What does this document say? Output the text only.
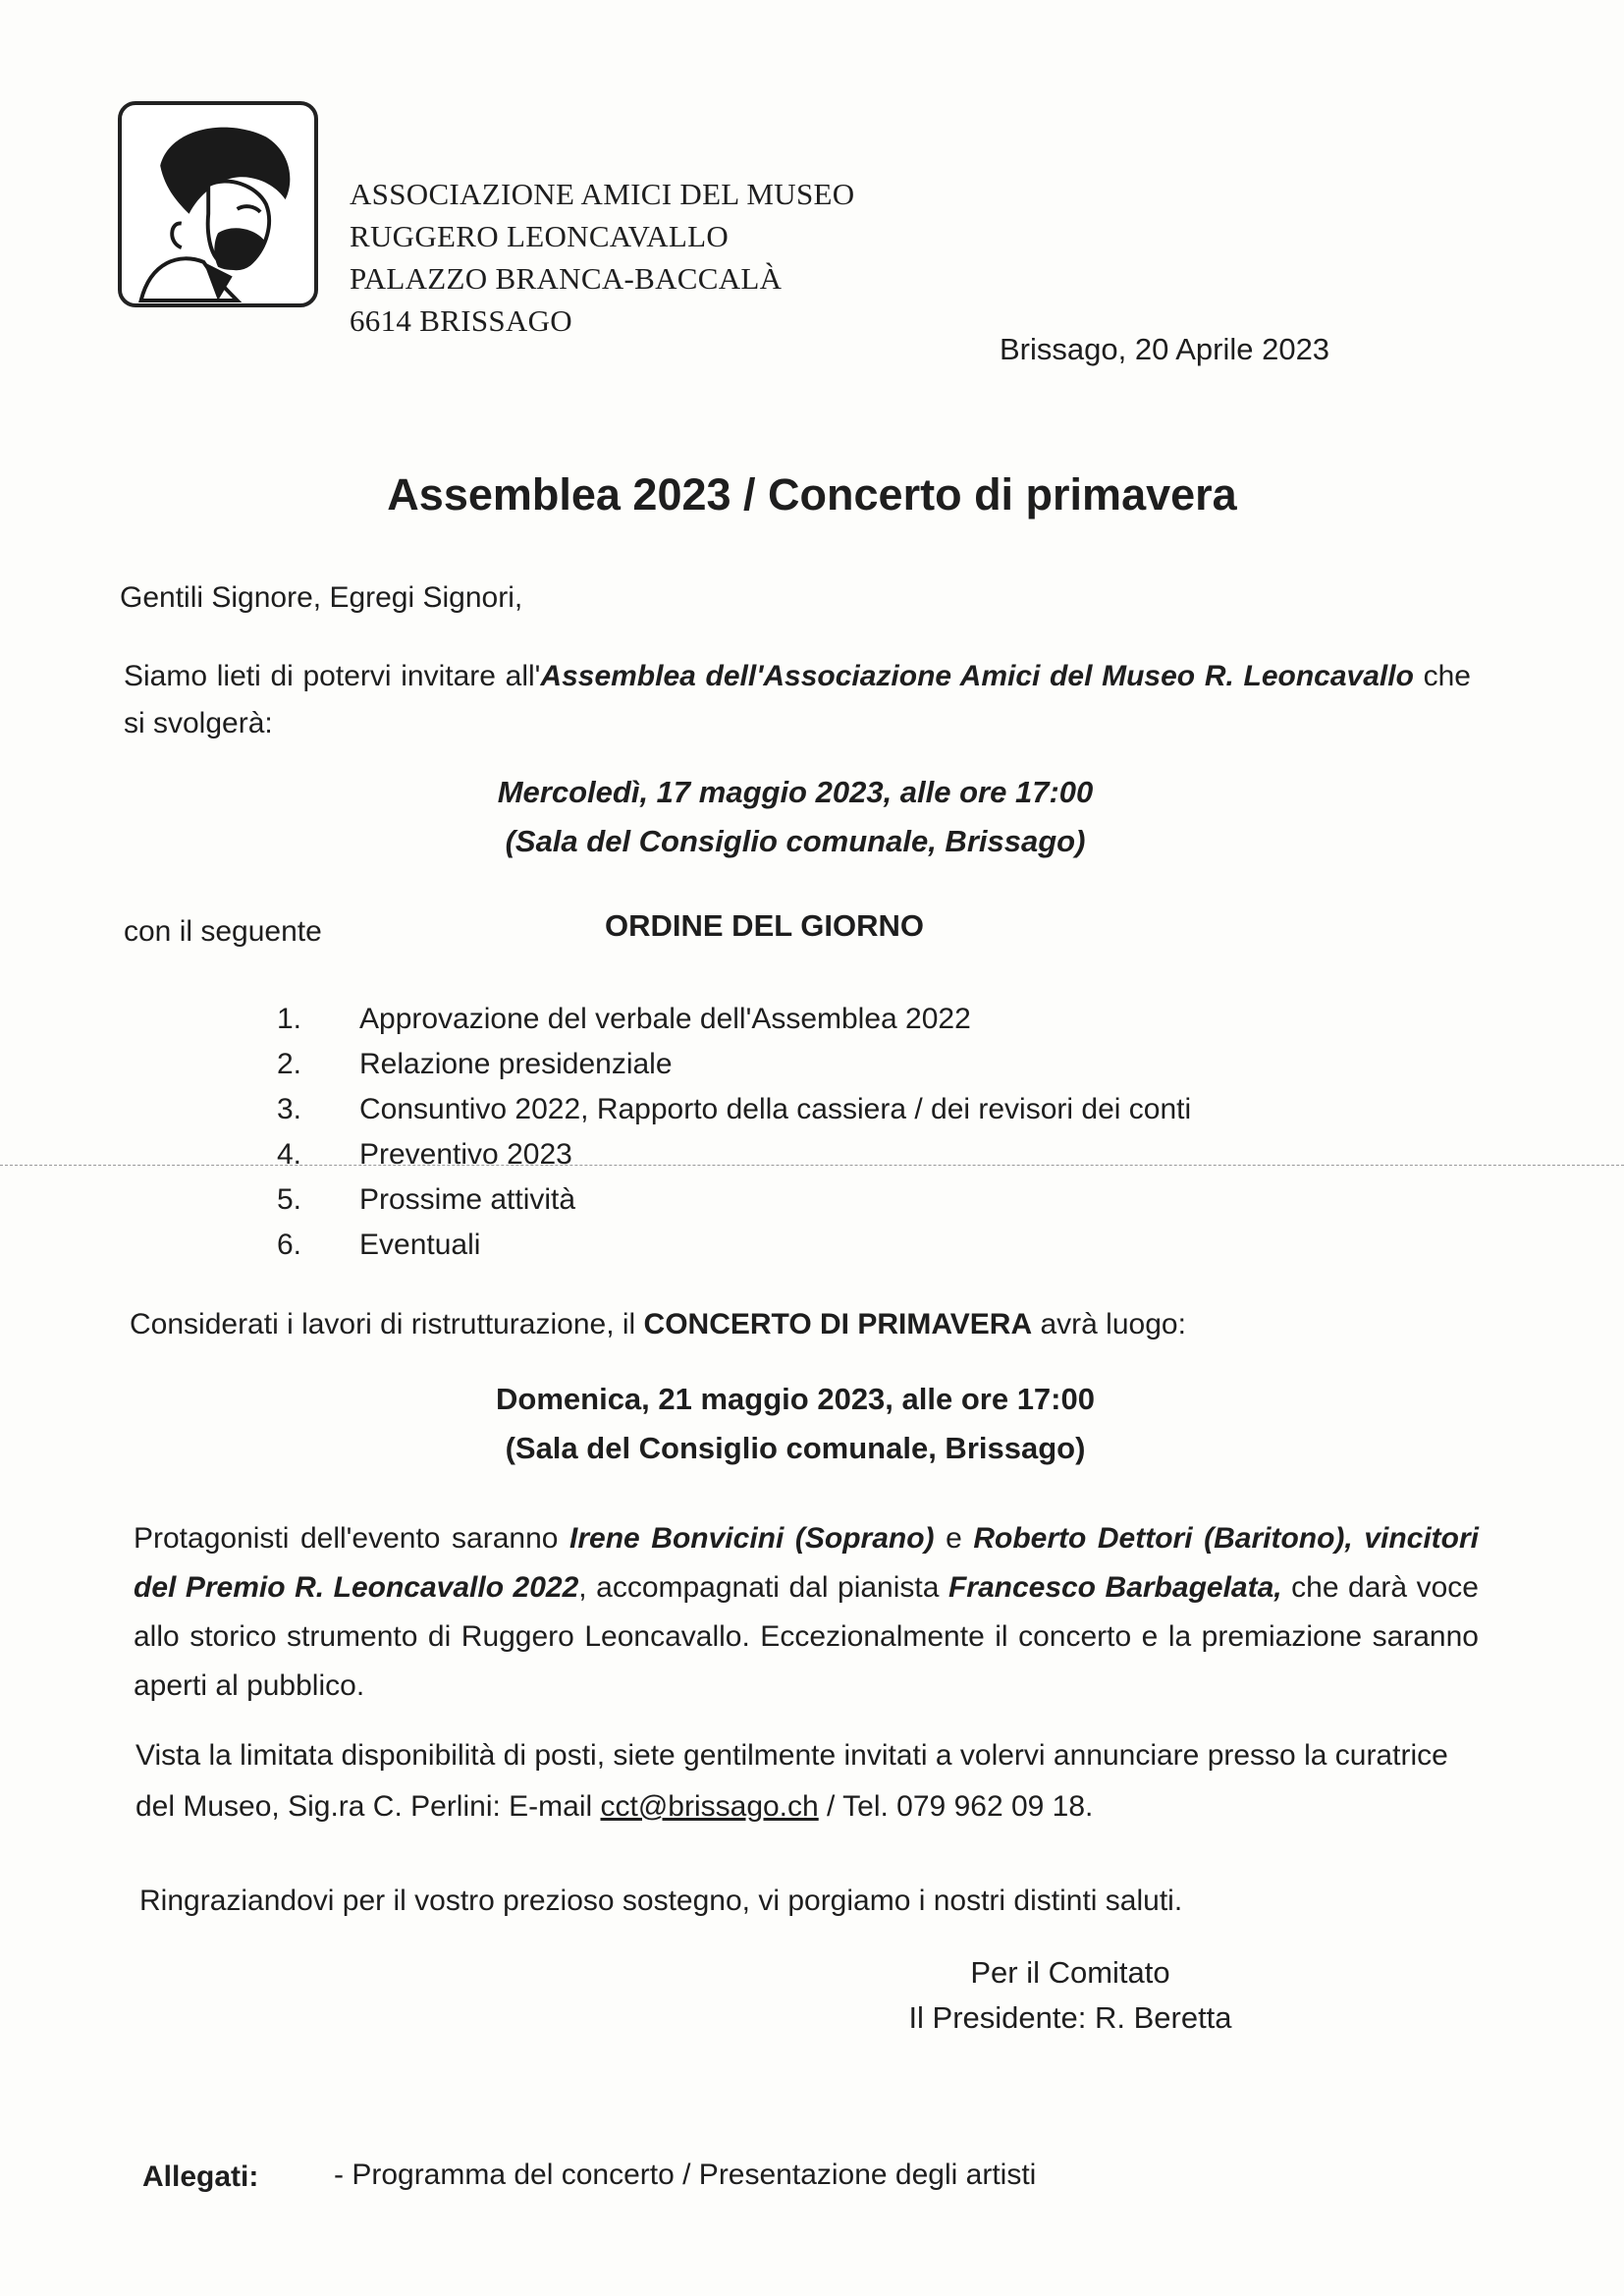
ASSOCIAZIONE AMICI DEL MUSEO
RUGGERO LEONCAVALLO
PALAZZO BRANCA-BACCALÀ
6614 BRISSAGO
Brissago, 20 Aprile 2023
Assemblea 2023 / Concerto di primavera
Gentili Signore, Egregi Signori,
Siamo lieti di potervi invitare all'Assemblea dell'Associazione Amici del Museo R. Leoncavallo che si svolgerà:
Mercoledì, 17 maggio 2023, alle ore 17:00
(Sala del Consiglio comunale, Brissago)
con il seguente	ORDINE DEL GIORNO
1.	Approvazione del verbale dell'Assemblea 2022
2.	Relazione presidenziale
3.	Consuntivo 2022, Rapporto della cassiera / dei revisori dei conti
4.	Preventivo 2023
5.	Prossime attività
6.	Eventuali
Considerati i lavori di ristrutturazione, il CONCERTO DI PRIMAVERA avrà luogo:
Domenica, 21 maggio 2023, alle ore 17:00
(Sala del Consiglio comunale, Brissago)
Protagonisti dell'evento saranno Irene Bonvicini (Soprano) e Roberto Dettori (Baritono), vincitori del Premio R. Leoncavallo 2022, accompagnati dal pianista Francesco Barbagelata, che darà voce allo storico strumento di Ruggero Leoncavallo. Eccezionalmente il concerto e la premiazione saranno aperti al pubblico.
Vista la limitata disponibilità di posti, siete gentilmente invitati a volervi annunciare presso la curatrice del Museo, Sig.ra C. Perlini: E-mail cct@brissago.ch / Tel. 079 962 09 18.
Ringraziandovi per il vostro prezioso sostegno, vi porgiamo i nostri distinti saluti.
Per il Comitato
Il Presidente: R. Beretta
Allegati:	- Programma del concerto / Presentazione degli artisti
